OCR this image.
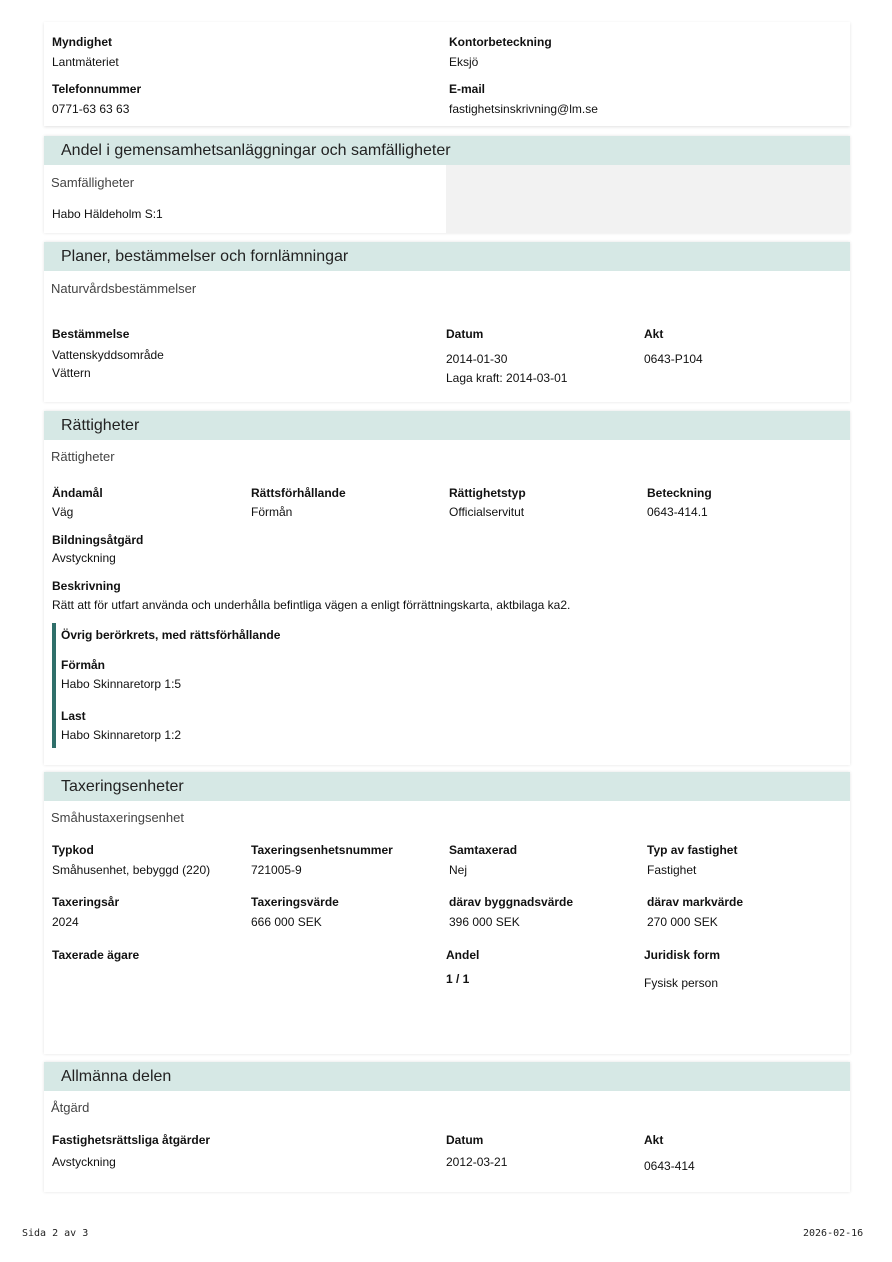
Myndighet
Lantmäteriet
Kontorbeteckning
Eksjö
Telefonnummer
0771-63 63 63
E-mail
fastighetsinskrivning@lm.se
Andel i gemensamhetsanläggningar och samfälligheter
Samfälligheter
Habo Häldeholm S:1
Planer, bestämmelser och fornlämningar
Naturvårdsbestämmelser
Bestämmelse
Vattenskyddsområde
Vättern
Datum
2014-01-30
Laga kraft: 2014-03-01
Akt
0643-P104
Rättigheter
Rättigheter
Ändamål
Väg
Rättsförhållande
Förmån
Rättighetstyp
Officialservitut
Beteckning
0643-414.1
Bildningsåtgärd
Avstyckning
Beskrivning
Rätt att för utfart använda och underhålla befintliga vägen a enligt förrättningskarta, aktbilaga ka2.
Övrig berörkrets, med rättsförhållande
Förmån
Habo Skinnaretorp 1:5
Last
Habo Skinnaretorp 1:2
Taxeringsenheter
Småhustaxeringsenhet
Typkod
Småhusenhet, bebyggd (220)
Taxeringsenhetsnummer
721005-9
Samtaxerad
Nej
Typ av fastighet
Fastighet
Taxeringsår
2024
Taxeringsvärde
666 000 SEK
därav byggnadsvärde
396 000 SEK
därav markvärde
270 000 SEK
Taxerade ägare	Andel
1 / 1
Juridisk form
Fysisk person
Allmänna delen
Åtgärd
Fastighetsrättsliga åtgärder
Avstyckning
Datum
2012-03-21
Akt
0643-414
Sida 2 av 3	2026-02-16
